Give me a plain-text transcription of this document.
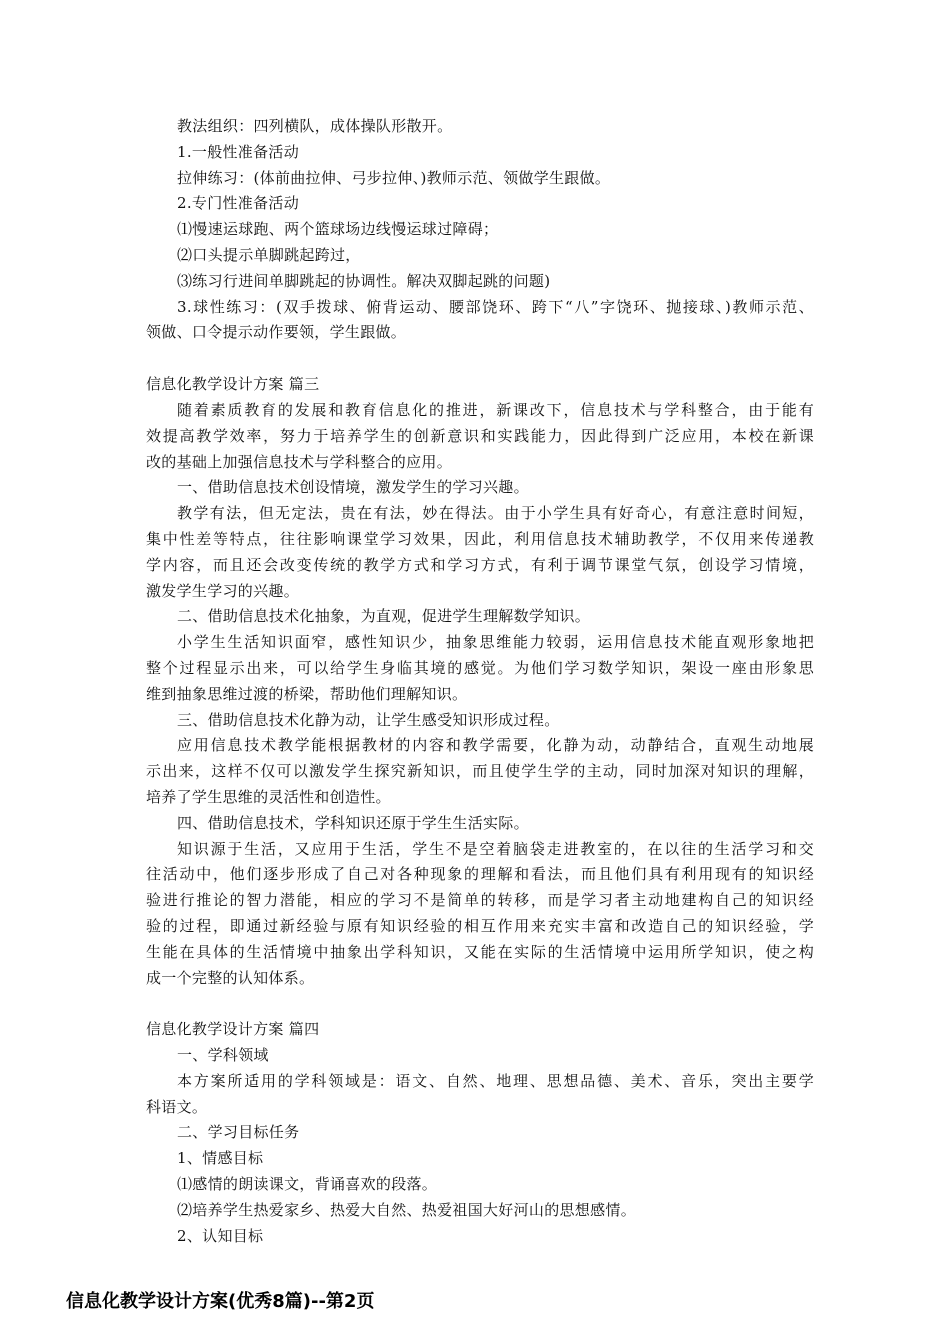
教法组织：四列横队，成体操队形散开。
1.一般性准备活动
拉伸练习：(体前曲拉伸、弓步拉伸、)教师示范、领做学生跟做。
2.专门性准备活动
⑴慢速运球跑、两个篮球场边线慢运球过障碍；
⑵口头提示单脚跳起跨过，
⑶练习行进间单脚跳起的协调性。解决双脚起跳的问题)
3.球性练习：(双手拨球、俯背运动、腰部饶环、跨下“八”字饶环、抛接球、)教师示范、
领做、口令提示动作要领，学生跟做。
信息化教学设计方案 篇三
随着素质教育的发展和教育信息化的推进，新课改下，信息技术与学科整合，由于能有
效提高教学效率，努力于培养学生的创新意识和实践能力，因此得到广泛应用，本校在新课
改的基础上加强信息技术与学科整合的应用。
一、借助信息技术创设情境，激发学生的学习兴趣。
教学有法，但无定法，贵在有法，妙在得法。由于小学生具有好奇心，有意注意时间短，
集中性差等特点，往往影响课堂学习效果，因此，利用信息技术辅助教学，不仅用来传递教
学内容，而且还会改变传统的教学方式和学习方式，有利于调节课堂气氛，创设学习情境，
激发学生学习的兴趣。
二、借助信息技术化抽象，为直观，促进学生理解数学知识。
小学生生活知识面窄，感性知识少，抽象思维能力较弱，运用信息技术能直观形象地把
整个过程显示出来，可以给学生身临其境的感觉。为他们学习数学知识，架设一座由形象思
维到抽象思维过渡的桥梁，帮助他们理解知识。
三、借助信息技术化静为动，让学生感受知识形成过程。
应用信息技术教学能根据教材的内容和教学需要，化静为动，动静结合，直观生动地展
示出来，这样不仅可以激发学生探究新知识，而且使学生学的主动，同时加深对知识的理解，
培养了学生思维的灵活性和创造性。
四、借助信息技术，学科知识还原于学生生活实际。
知识源于生活，又应用于生活，学生不是空着脑袋走进教室的，在以往的生活学习和交
往活动中，他们逐步形成了自己对各种现象的理解和看法，而且他们具有利用现有的知识经
验进行推论的智力潜能，相应的学习不是简单的转移，而是学习者主动地建构自己的知识经
验的过程，即通过新经验与原有知识经验的相互作用来充实丰富和改造自己的知识经验，学
生能在具体的生活情境中抽象出学科知识，又能在实际的生活情境中运用所学知识，使之构
成一个完整的认知体系。
信息化教学设计方案 篇四
一、学科领域
本方案所适用的学科领域是：语文、自然、地理、思想品德、美术、音乐，突出主要学
科语文。
二、学习目标任务
1、情感目标
⑴感情的朗读课文，背诵喜欢的段落。
⑵培养学生热爱家乡、热爱大自然、热爱祖国大好河山的思想感情。
2、认知目标
信息化教学设计方案(优秀8篇)--第2页
